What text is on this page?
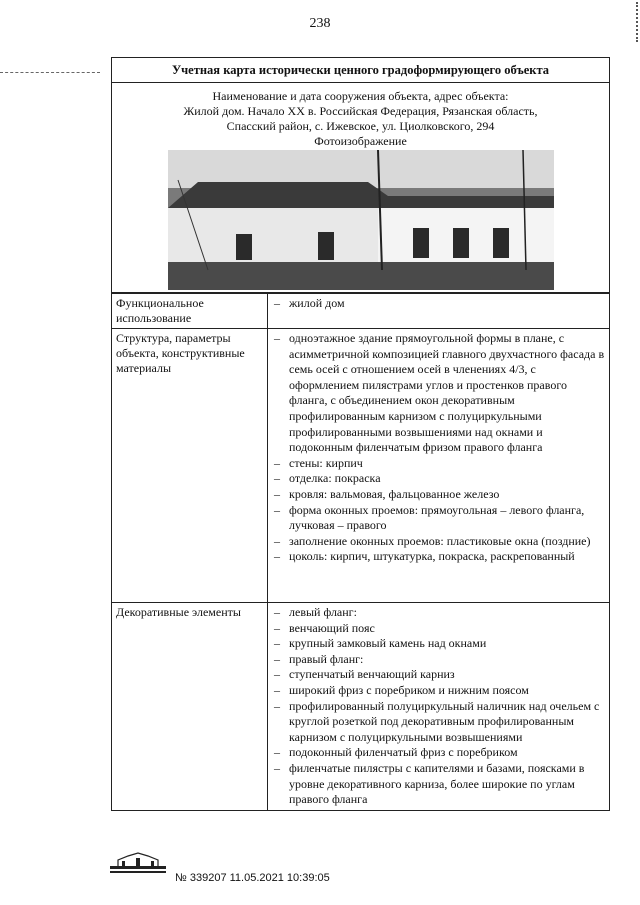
238
Учетная карта исторически ценного градоформирующего объекта
Наименование и дата сооружения объекта, адрес объекта:
Жилой дом. Начало XX в. Российская Федерация, Рязанская область,
Спасский район, с. Ижевское, ул. Циолковского, 294
Фотоизображение
Функциональное использование
– жилой дом
Структура, параметры объекта, конструктивные материалы
– одноэтажное здание прямоугольной формы в плане, с асимметричной композицией главного двухчастного фасада в семь осей с отношением осей в членениях 4/3, с оформлением пилястрами углов и простенков правого фланга, с объединением окон декоративным профилированным карнизом с полуциркульными профилированными возвышениями над окнами и подоконным филенчатым фризом правого фланга
– стены: кирпич
– отделка: покраска
– кровля: вальмовая, фальцованное железо
– форма оконных проемов: прямоугольная – левого фланга, лучковая – правого
– заполнение оконных проемов: пластиковые окна (поздние)
– цоколь: кирпич, штукатурка, покраска, раскрепованный
Декоративные элементы	– левый фланг:
– венчающий пояс
– крупный замковый камень над окнами
– правый фланг:
– ступенчатый венчающий карниз
– широкий фриз с поребриком и нижним поясом
– профилированный полуциркульный наличник над очельем с круглой розеткой под декоративным профилированным карнизом с полуциркульными возвышениями
– подоконный филенчатый фриз с поребриком
– филенчатые пилястры с капителями и базами, поясками в уровне декоративного карниза, более широкие по углам правого фланга
№ 339207 11.05.2021 10:39:05
